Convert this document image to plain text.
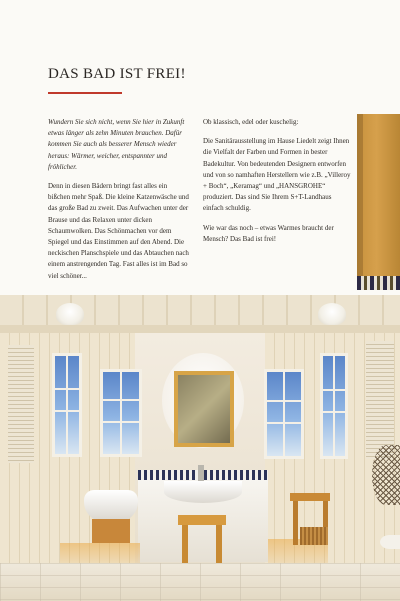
DAS BAD IST FREI!

Wundern Sie sich nicht, wenn Sie hier in Zukunft etwas länger als zehn Minuten brauchen. Dafür kommen Sie auch als besserer Mensch wieder heraus: Wärmer, weicher, entspannter und fröhlicher.

Denn in diesen Bädern bringt fast alles ein bißchen mehr Spaß. Die kleine Katzenwäsche und das große Bad zu zweit. Das Aufwachen unter der Brause und das Relaxen unter dicken Schaumwolken. Das Schönmachen vor dem Spiegel und das Einstimmen auf den Abend. Die neckischen Planschspiele und das Abtauchen nach einem anstrengenden Tag. Fast alles ist im Bad so viel schöner...

Ob klassisch, edel oder kuschelig:

Die Sanitärausstellung im Hause Liedelt zeigt Ihnen die Vielfalt der Farben und Formen in bester Badekultur. Von bedeutenden Designern entworfen und von so namhaften Herstellern wie z.B. „Villeroy + Boch“, „Keramag“ und „HANSGROHE“ produziert. Das sind Sie Ihrem S+T-Landhaus einfach schuldig.

Wie war das noch – etwas Warmes braucht der Mensch? Das Bad ist frei!
